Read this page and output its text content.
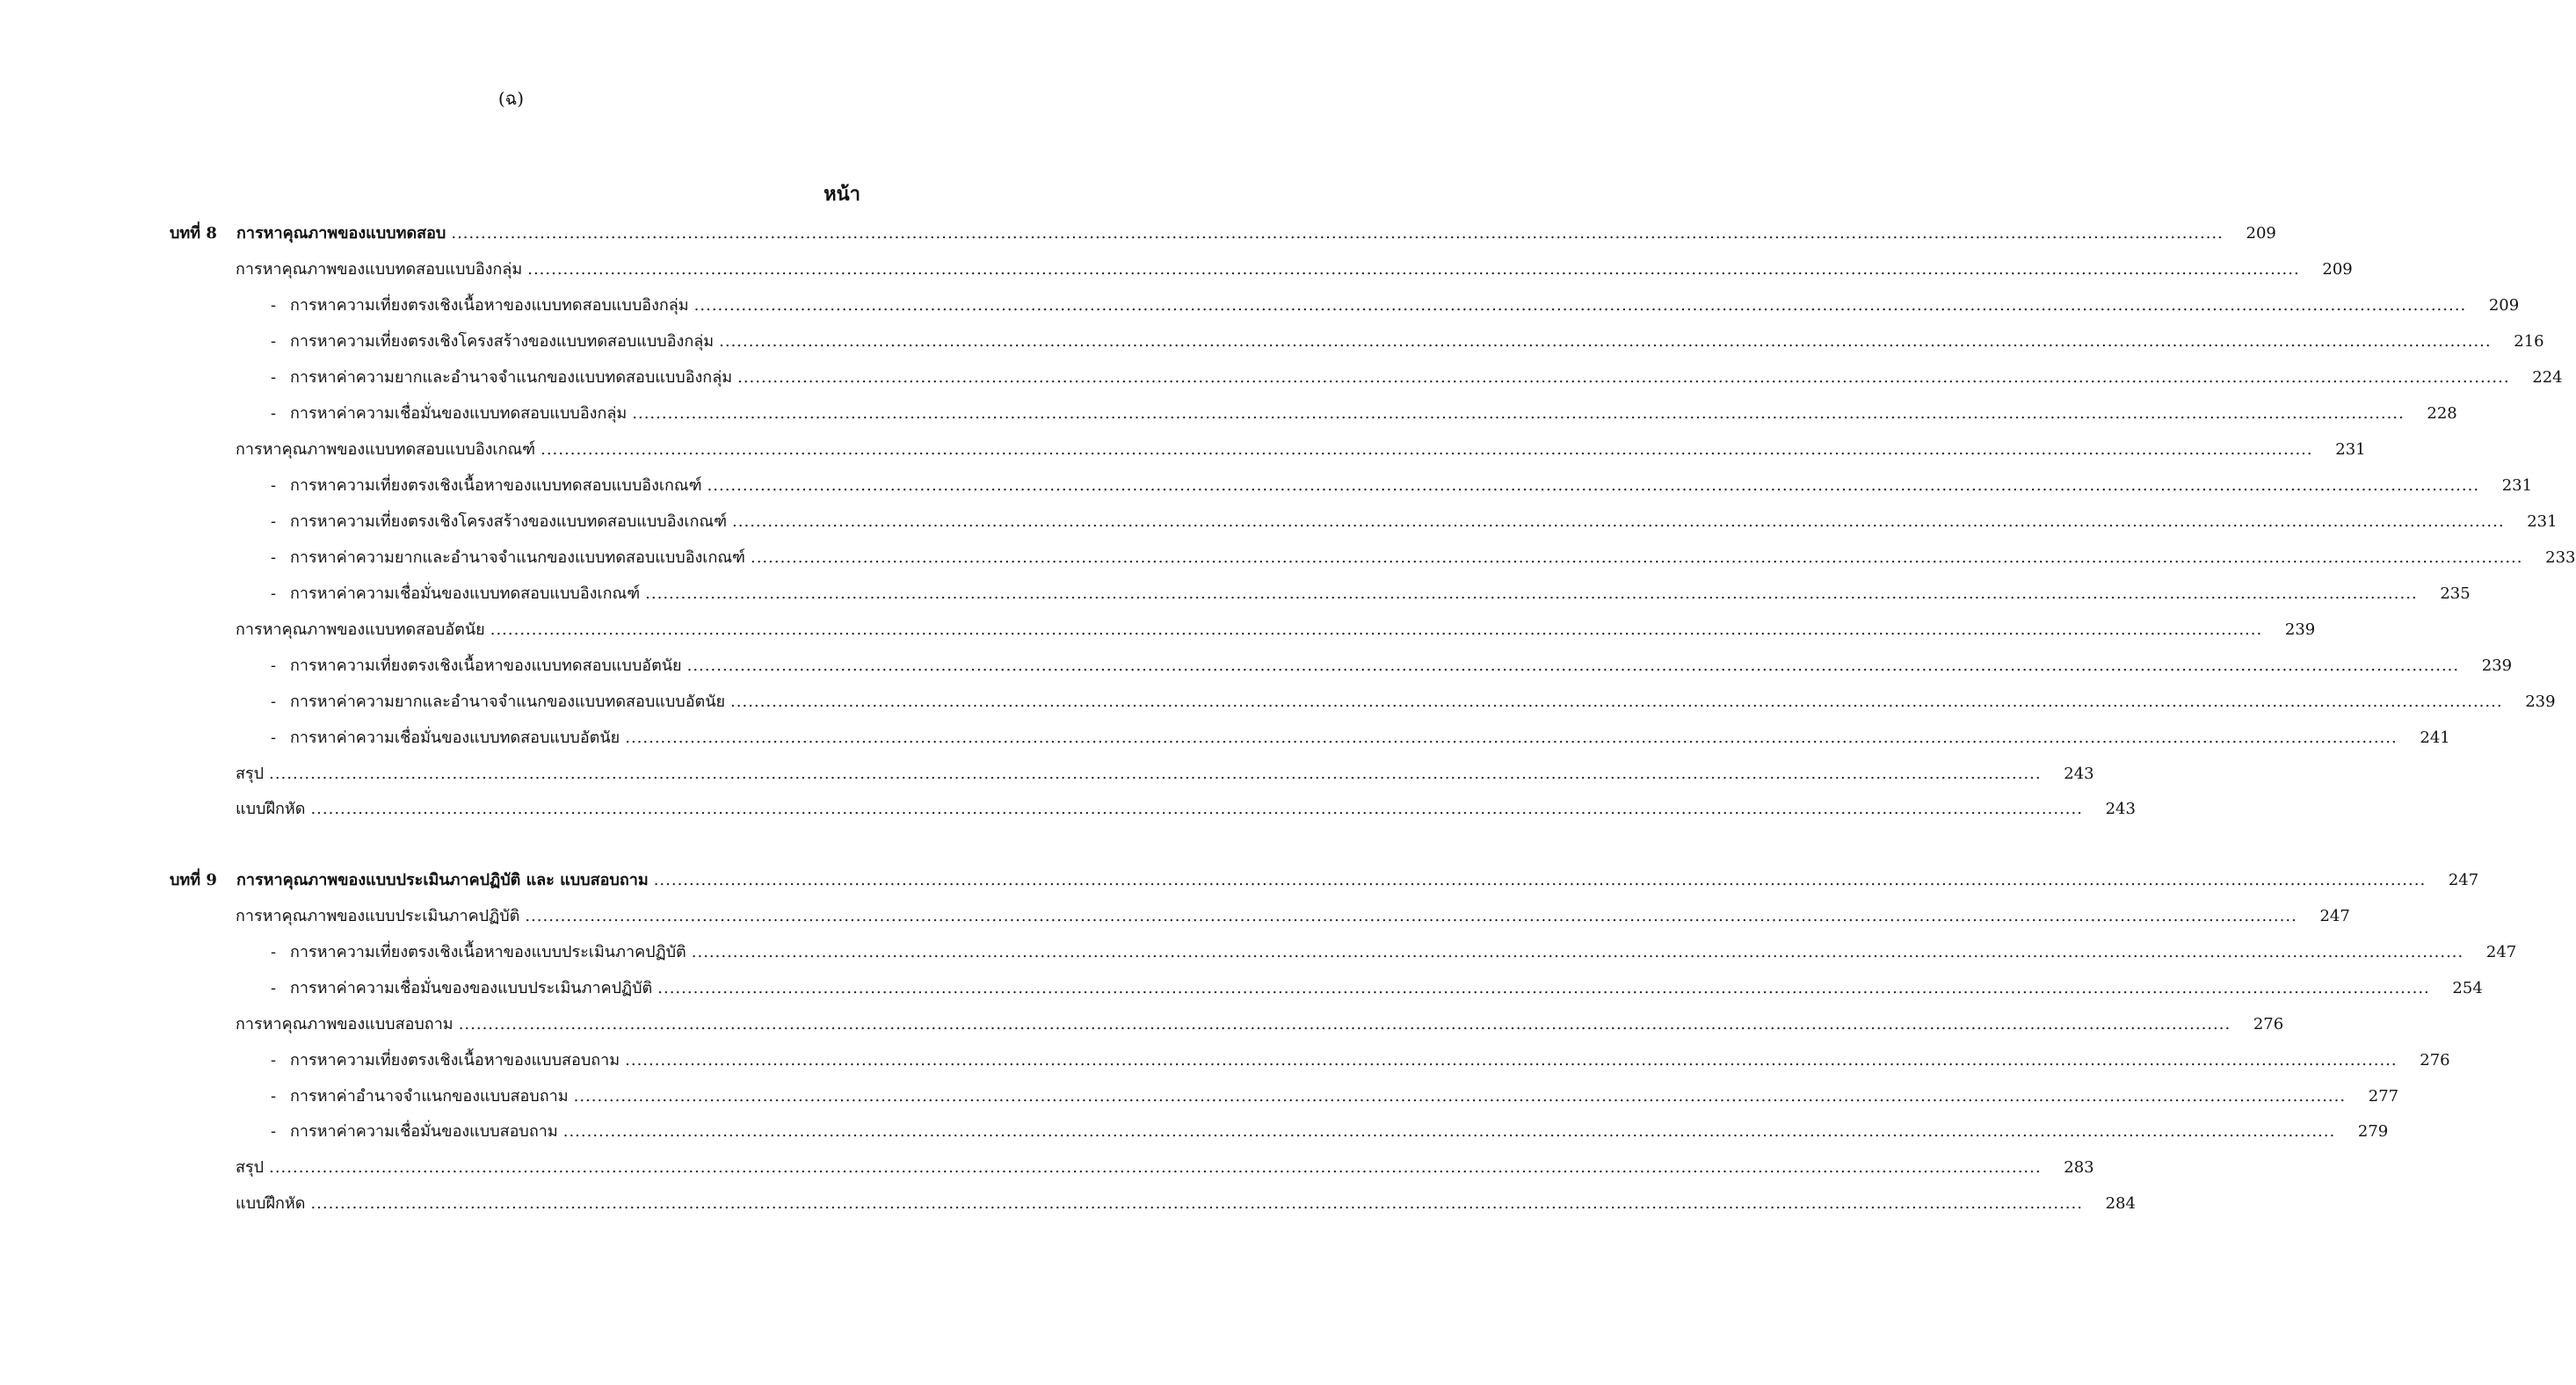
(ฉ)
หน้า
บทที่ 8 การหาคุณภาพของแบบทดสอบ ............................................................................................................................................................................................................................................................................................................	209
การหาคุณภาพของแบบทดสอบแบบอิงกลุ่ม ............................................................................................................................................................................................................................................................................................................	209
- การหาความเที่ยงตรงเชิงเนื้อหาของแบบทดสอบแบบอิงกลุ่ม ............................................................................................................................................................................................................................................................................................................	209
- การหาความเที่ยงตรงเชิงโครงสร้างของแบบทดสอบแบบอิงกลุ่ม ............................................................................................................................................................................................................................................................................................................	216
- การหาค่าความยากและอำนาจจำแนกของแบบทดสอบแบบอิงกลุ่ม ............................................................................................................................................................................................................................................................................................................	224
- การหาค่าความเชื่อมั่นของแบบทดสอบแบบอิงกลุ่ม ............................................................................................................................................................................................................................................................................................................	228
การหาคุณภาพของแบบทดสอบแบบอิงเกณฑ์ ............................................................................................................................................................................................................................................................................................................	231
- การหาความเที่ยงตรงเชิงเนื้อหาของแบบทดสอบแบบอิงเกณฑ์ ............................................................................................................................................................................................................................................................................................................	231
- การหาความเที่ยงตรงเชิงโครงสร้างของแบบทดสอบแบบอิงเกณฑ์ ............................................................................................................................................................................................................................................................................................................	231
- การหาค่าความยากและอำนาจจำแนกของแบบทดสอบแบบอิงเกณฑ์ ............................................................................................................................................................................................................................................................................................................	233
- การหาค่าความเชื่อมั่นของแบบทดสอบแบบอิงเกณฑ์ ............................................................................................................................................................................................................................................................................................................	235
การหาคุณภาพของแบบทดสอบอัตนัย ............................................................................................................................................................................................................................................................................................................	239
- การหาความเที่ยงตรงเชิงเนื้อหาของแบบทดสอบแบบอัตนัย ............................................................................................................................................................................................................................................................................................................	239
- การหาค่าความยากและอำนาจจำแนกของแบบทดสอบแบบอัตนัย ............................................................................................................................................................................................................................................................................................................	239
- การหาค่าความเชื่อมั่นของแบบทดสอบแบบอัตนัย ............................................................................................................................................................................................................................................................................................................	241
สรุป ............................................................................................................................................................................................................................................................................................................	243
แบบฝึกหัด ............................................................................................................................................................................................................................................................................................................	243
บทที่ 9 การหาคุณภาพของแบบประเมินภาคปฏิบัติ และ แบบสอบถาม ............................................................................................................................................................................................................................................................................................................	247
การหาคุณภาพของแบบประเมินภาคปฏิบัติ ............................................................................................................................................................................................................................................................................................................	247
- การหาความเที่ยงตรงเชิงเนื้อหาของแบบประเมินภาคปฏิบัติ ............................................................................................................................................................................................................................................................................................................	247
- การหาค่าความเชื่อมั่นของของแบบประเมินภาคปฏิบัติ ............................................................................................................................................................................................................................................................................................................	254
การหาคุณภาพของแบบสอบถาม ............................................................................................................................................................................................................................................................................................................	276
- การหาความเที่ยงตรงเชิงเนื้อหาของแบบสอบถาม ............................................................................................................................................................................................................................................................................................................	276
- การหาค่าอำนาจจำแนกของแบบสอบถาม ............................................................................................................................................................................................................................................................................................................	277
- การหาค่าความเชื่อมั่นของแบบสอบถาม ............................................................................................................................................................................................................................................................................................................	279
สรุป ............................................................................................................................................................................................................................................................................................................	283
แบบฝึกหัด ............................................................................................................................................................................................................................................................................................................	284
